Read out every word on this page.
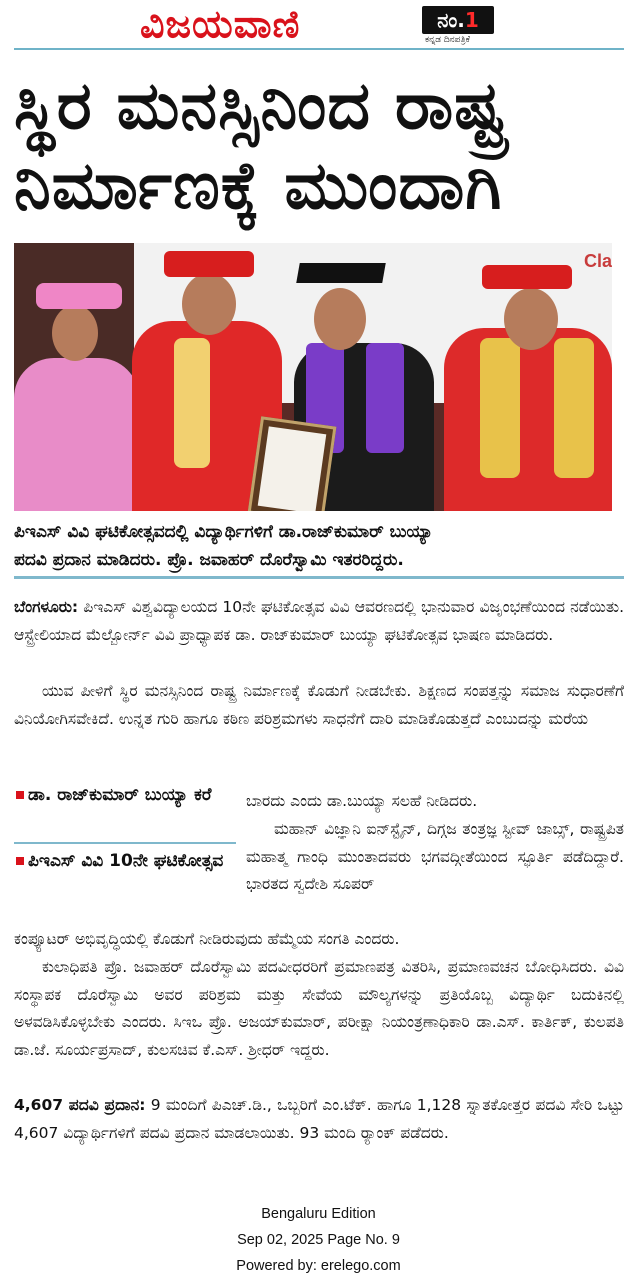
ವಿಜಯವಾಣಿ	ನಂ.1
ಕನ್ನಡ ದಿನಪತ್ರಿಕೆ
ಸ್ಥಿರ ಮನಸ್ಸಿನಿಂದ ರಾಷ್ಟ್ರ
ನಿರ್ಮಾಣಕ್ಕೆ ಮುಂದಾಗಿ
Cla
ಪಿಇಎಸ್ ವಿವಿ ಘಟಿಕೋತ್ಸವದಲ್ಲಿ ವಿದ್ಯಾರ್ಥಿಗಳಿಗೆ ಡಾ.ರಾಜ್‌ಕುಮಾರ್ ಬುಯ್ಯಾ
ಪದವಿ ಪ್ರದಾನ ಮಾಡಿದರು. ಪ್ರೊ. ಜವಾಹರ್ ದೊರೆಸ್ವಾಮಿ ಇತರರಿದ್ದರು.
ಬೆಂಗಳೂರು: ಪಿಇಎಸ್ ವಿಶ್ವವಿದ್ಯಾಲಯದ 10ನೇ ಘಟಿಕೋತ್ಸವ ವಿವಿ ಆವರಣದಲ್ಲಿ ಭಾನುವಾರ ವಿಜೃಂಭಣೆಯಿಂದ ನಡೆಯಿತು. ಆಸ್ಟ್ರೇಲಿಯಾದ ಮೆಲ್ಬೋರ್ನ್ ವಿವಿ ಪ್ರಾಧ್ಯಾಪಕ ಡಾ. ರಾಜ್‌ಕುಮಾರ್ ಬುಯ್ಯಾ ಘಟಿಕೋತ್ಸವ ಭಾಷಣ ಮಾಡಿದರು.
ಯುವ ಪೀಳಿಗೆ ಸ್ಥಿರ ಮನಸ್ಸಿನಿಂದ ರಾಷ್ಟ್ರ ನಿರ್ಮಾಣಕ್ಕೆ ಕೊಡುಗೆ ನೀಡಬೇಕು. ಶಿಕ್ಷಣದ ಸಂಪತ್ತನ್ನು ಸಮಾಜ ಸುಧಾರಣೆಗೆ ವಿನಿಯೋಗಿಸವೇಕಿದೆ. ಉನ್ನತ ಗುರಿ ಹಾಗೂ ಕಠಿಣ ಪರಿಶ್ರಮಗಳು ಸಾಧನೆಗೆ ದಾರಿ ಮಾಡಿಕೊಡುತ್ತದೆ ಎಂಬುದನ್ನು ಮರೆಯ
ಡಾ. ರಾಜ್‌ಕುಮಾರ್ ಬುಯ್ಯಾ ಕರೆ
ಪಿಇಎಸ್ ವಿವಿ 10ನೇ ಘಟಿಕೋತ್ಸವ
ಬಾರದು ಎಂದು ಡಾ.ಬುಯ್ಯಾ ಸಲಹೆ ನೀಡಿದರು.
ಮಹಾನ್ ವಿಜ್ಞಾನಿ ಐನ್‌ಸ್ಟೈನ್, ದಿಗ್ಗಜ ತಂತ್ರಜ್ಞ ಸ್ಟೀವ್ ಜಾಬ್ಸ್, ರಾಷ್ಟ್ರಪಿತ ಮಹಾತ್ಮ ಗಾಂಧಿ ಮುಂತಾದವರು ಭಗವದ್ಗೀತೆಯಿಂದ ಸ್ಫೂರ್ತಿ ಪಡೆದಿದ್ದಾರೆ. ಭಾರತದ ಸ್ವದೇಶಿ ಸೂಪರ್
ಕಂಪ್ಯೂಟರ್ ಅಭಿವೃದ್ಧಿಯಲ್ಲಿ ಕೊಡುಗೆ ನೀಡಿರುವುದು ಹೆಮ್ಮೆಯ ಸಂಗತಿ ಎಂದರು.
ಕುಲಾಧಿಪತಿ ಪ್ರೊ. ಜವಾಹರ್ ದೊರೆಸ್ವಾಮಿ ಪದವೀಧರರಿಗೆ ಪ್ರಮಾಣಪತ್ರ ವಿತರಿಸಿ, ಪ್ರಮಾಣವಚನ ಬೋಧಿಸಿದರು. ವಿವಿ ಸಂಸ್ಥಾಪಕ ದೊರೆಸ್ವಾಮಿ ಅವರ ಪರಿಶ್ರಮ ಮತ್ತು ಸೇವೆಯ ಮೌಲ್ಯಗಳನ್ನು ಪ್ರತಿಯೊಬ್ಬ ವಿದ್ಯಾರ್ಥಿ ಬದುಕಿನಲ್ಲಿ ಅಳವಡಿಸಿಕೊಳ್ಳಬೇಕು ಎಂದರು. ಸಿಇಒ ಪ್ರೊ. ಅಜಯ್‌ಕುಮಾರ್, ಪರೀಕ್ಷಾ ನಿಯಂತ್ರಣಾಧಿಕಾರಿ ಡಾ.ಎಸ್. ಕಾರ್ತಿಕ್, ಕುಲಪತಿ ಡಾ.ಜೆ. ಸೂರ್ಯಪ್ರಸಾದ್, ಕುಲಸಚಿವ ಕೆ.ಎಸ್. ಶ್ರೀಧರ್ ಇದ್ದರು.
4,607 ಪದವಿ ಪ್ರದಾನ: 9 ಮಂದಿಗೆ ಪಿಎಚ್.ಡಿ., ಒಬ್ಬರಿಗೆ ಎಂ.ಟೆಕ್. ಹಾಗೂ 1,128 ಸ್ನಾತಕೋತ್ತರ ಪದವಿ ಸೇರಿ ಒಟ್ಟು 4,607 ವಿದ್ಯಾರ್ಥಿಗಳಿಗೆ ಪದವಿ ಪ್ರದಾನ ಮಾಡಲಾಯಿತು. 93 ಮಂದಿ ರ್‍ಯಾಂಕ್ ಪಡೆದರು.
Bengaluru Edition
Sep 02, 2025 Page No. 9
Powered by: erelego.com
